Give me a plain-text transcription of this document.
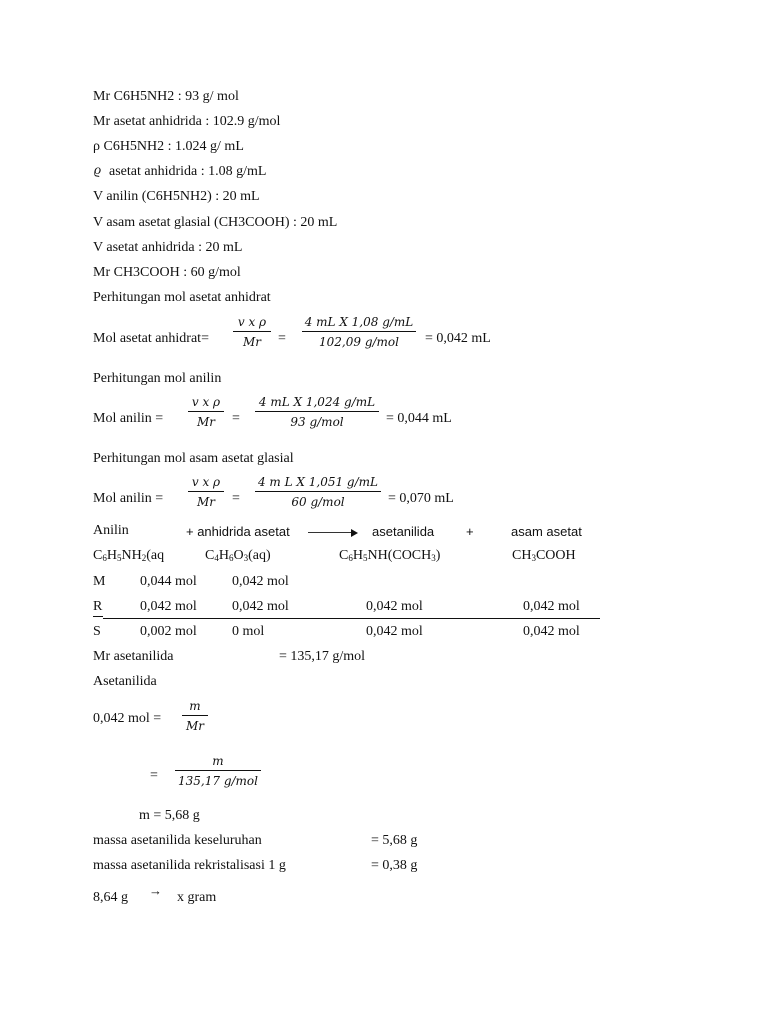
Mr C6H5NH2 : 93 g/ mol
Mr asetat anhidrida : 102.9 g/mol
ρ C6H5NH2 : 1.024 g/ mL
ϱ asetat anhidrida : 1.08 g/mL
V anilin (C6H5NH2) : 20 mL
V asam asetat glasial (CH3COOH) : 20 mL
V asetat anhidrida : 20 mL
Mr CH3COOH : 60 g/mol
Perhitungan mol asetat anhidrat
Mol asetat anhidrat=
v x ρ
Mr =
4 mL X 1,08 g/mL
102,09 g/mol = 0,042 mL
Perhitungan mol anilin
Mol anilin =
v x ρ
Mr =
4 mL X 1,024 g/mL
93 g/mol	= 0,044 mL
Perhitungan mol asam asetat glasial
Mol anilin =
v x ρ
Mr =
4 m L X 1,051 g/mL
60 g/mol	= 0,070 mL
Anilin	+ anhidrida asetat	asetanilida +	asam asetat
$C_6H_5NH_2(aq$	$C_4H_6O_3(aq)$	$C_6H_5NH(COCH_3)$	$CH_3COOH$
M 0,044 mol	0,042 mol
R	0,042 mol	0,042 mol	0,042 mol	0,042 mol
S	0,002 mol	0 mol	0,042 mol	0,042 mol
Mr asetanilida	= 135,17 g/mol
Asetanilida
0,042 mol =
m
Mr
=
m
135,17 g/mol
m = 5,68 g
massa asetanilida keseluruhan	= 5,68 g
massa asetanilida rekristalisasi 1 g	= 0,38 g
8,64 g → x gram
